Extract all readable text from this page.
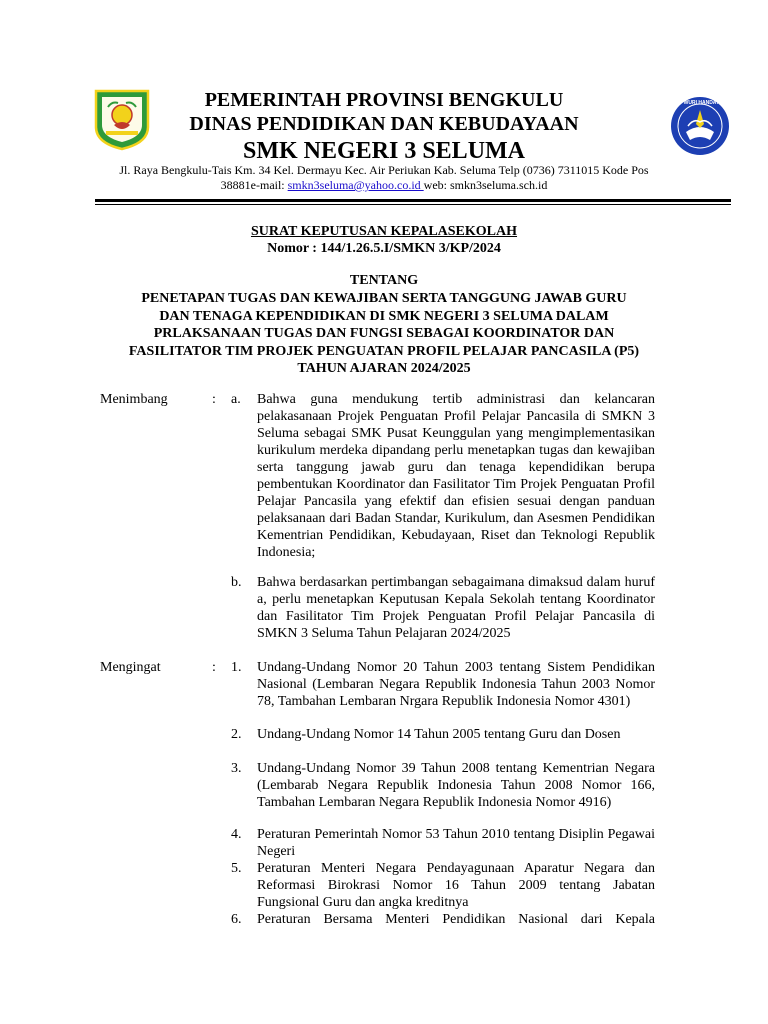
PEMERINTAH PROVINSI BENGKULU
DINAS PENDIDIKAN DAN KEBUDAYAAN
SMK NEGERI 3 SELUMA
TUT WURI HANDAYANI
Jl. Raya Bengkulu-Tais Km. 34 Kel. Dermayu Kec. Air Periukan Kab. Seluma Telp (0736) 7311015 Kode Pos
38881e-mail: smkn3seluma@yahoo.co.id web: smkn3seluma.sch.id
SURAT KEPUTUSAN KEPALASEKOLAH
Nomor : 144/1.26.5.I/SMKN 3/KP/2024
TENTANG
PENETAPAN TUGAS DAN KEWAJIBAN SERTA TANGGUNG JAWAB GURU
DAN TENAGA KEPENDIDIKAN DI SMK NEGERI 3 SELUMA DALAM
PRLAKSANAAN TUGAS DAN FUNGSI SEBAGAI KOORDINATOR DAN
FASILITATOR TIM PROJEK PENGUATAN PROFIL PELAJAR PANCASILA (P5)
TAHUN AJARAN 2024/2025
Menimbang	: a.	Bahwa guna mendukung tertib administrasi dan kelancaran pelakasanaan Projek Penguatan Profil Pelajar Pancasila di SMKN 3 Seluma sebagai SMK Pusat Keunggulan yang mengimplementasikan kurikulum merdeka dipandang perlu menetapkan tugas dan kewajiban serta tanggung jawab guru dan tenaga kependidikan berupa pembentukan Koordinator dan Fasilitator Tim Projek Penguatan Profil Pelajar Pancasila yang efektif dan efisien sesuai dengan panduan pelaksanaan dari Badan Standar, Kurikulum, dan Asesmen Pendidikan Kementrian Pendidikan, Kebudayaan, Riset dan Teknologi Republik Indonesia;
b.	Bahwa berdasarkan pertimbangan sebagaimana dimaksud dalam huruf a, perlu menetapkan Keputusan Kepala Sekolah tentang Koordinator dan Fasilitator Tim Projek Penguatan Profil Pelajar Pancasila di SMKN 3 Seluma Tahun Pelajaran 2024/2025
Mengingat	: 1.	Undang-Undang Nomor 20 Tahun 2003 tentang Sistem Pendidikan Nasional (Lembaran Negara Republik Indonesia Tahun 2003 Nomor 78, Tambahan Lembaran Nrgara Republik Indonesia Nomor 4301)
2.	Undang-Undang Nomor 14 Tahun 2005 tentang Guru dan Dosen
3.	Undang-Undang Nomor 39 Tahun 2008 tentang Kementrian Negara (Lembarab Negara Republik Indonesia Tahun 2008 Nomor 166, Tambahan Lembaran Negara Republik Indonesia Nomor 4916)
4.	Peraturan Pemerintah Nomor 53 Tahun 2010 tentang Disiplin Pegawai Negeri
5.	Peraturan Menteri Negara Pendayagunaan Aparatur Negara dan Reformasi Birokrasi Nomor 16 Tahun 2009 tentang Jabatan Fungsional Guru dan angka kreditnya
6.	Peraturan Bersama Menteri Pendidikan Nasional dari Kepala
